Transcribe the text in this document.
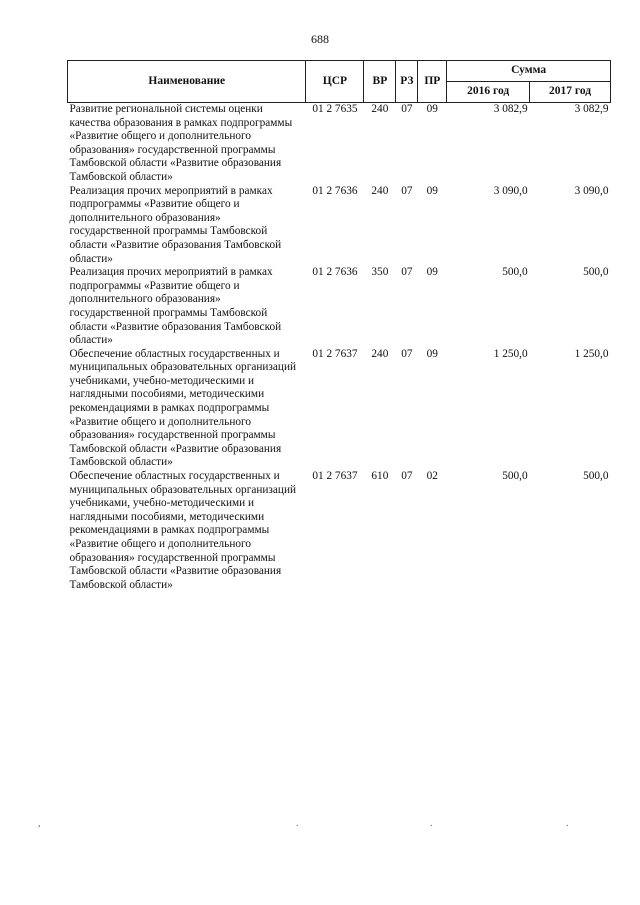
688
Наименование	ЦСР	ВР	РЗ	ПР	Сумма	
					2016 год	2017 год
Развитие региональной системы оценки качества образования в рамках подпрограммы «Развитие общего и дополнительного образования» государственной программы Тамбовской области «Развитие образования Тамбовской области»	01 2 7635	240	07	09	3 082,9	3 082,9
Реализация прочих мероприятий в рамках подпрограммы «Развитие общего и дополнительного образования» государственной программы Тамбовской области «Развитие образования Тамбовской области»	01 2 7636	240	07	09	3 090,0	3 090,0
Реализация прочих мероприятий в рамках подпрограммы «Развитие общего и дополнительного образования» государственной программы Тамбовской области «Развитие образования Тамбовской области»	01 2 7636	350	07	09	500,0	500,0
Обеспечение областных государственных и муниципальных образовательных организаций учебниками, учебно-методическими и наглядными пособиями, методическими рекомендациями в рамках подпрограммы «Развитие общего и дополнительного образования» государственной программы Тамбовской области «Развитие образования Тамбовской области»	01 2 7637	240	07	09	1 250,0	1 250,0
Обеспечение областных государственных и муниципальных образовательных организаций учебниками, учебно-методическими и наглядными пособиями, методическими рекомендациями в рамках подпрограммы «Развитие общего и дополнительного образования» государственной программы Тамбовской области «Развитие образования Тамбовской области»	01 2 7637	610	07	02	500,0	500,0
,	.	.	.
